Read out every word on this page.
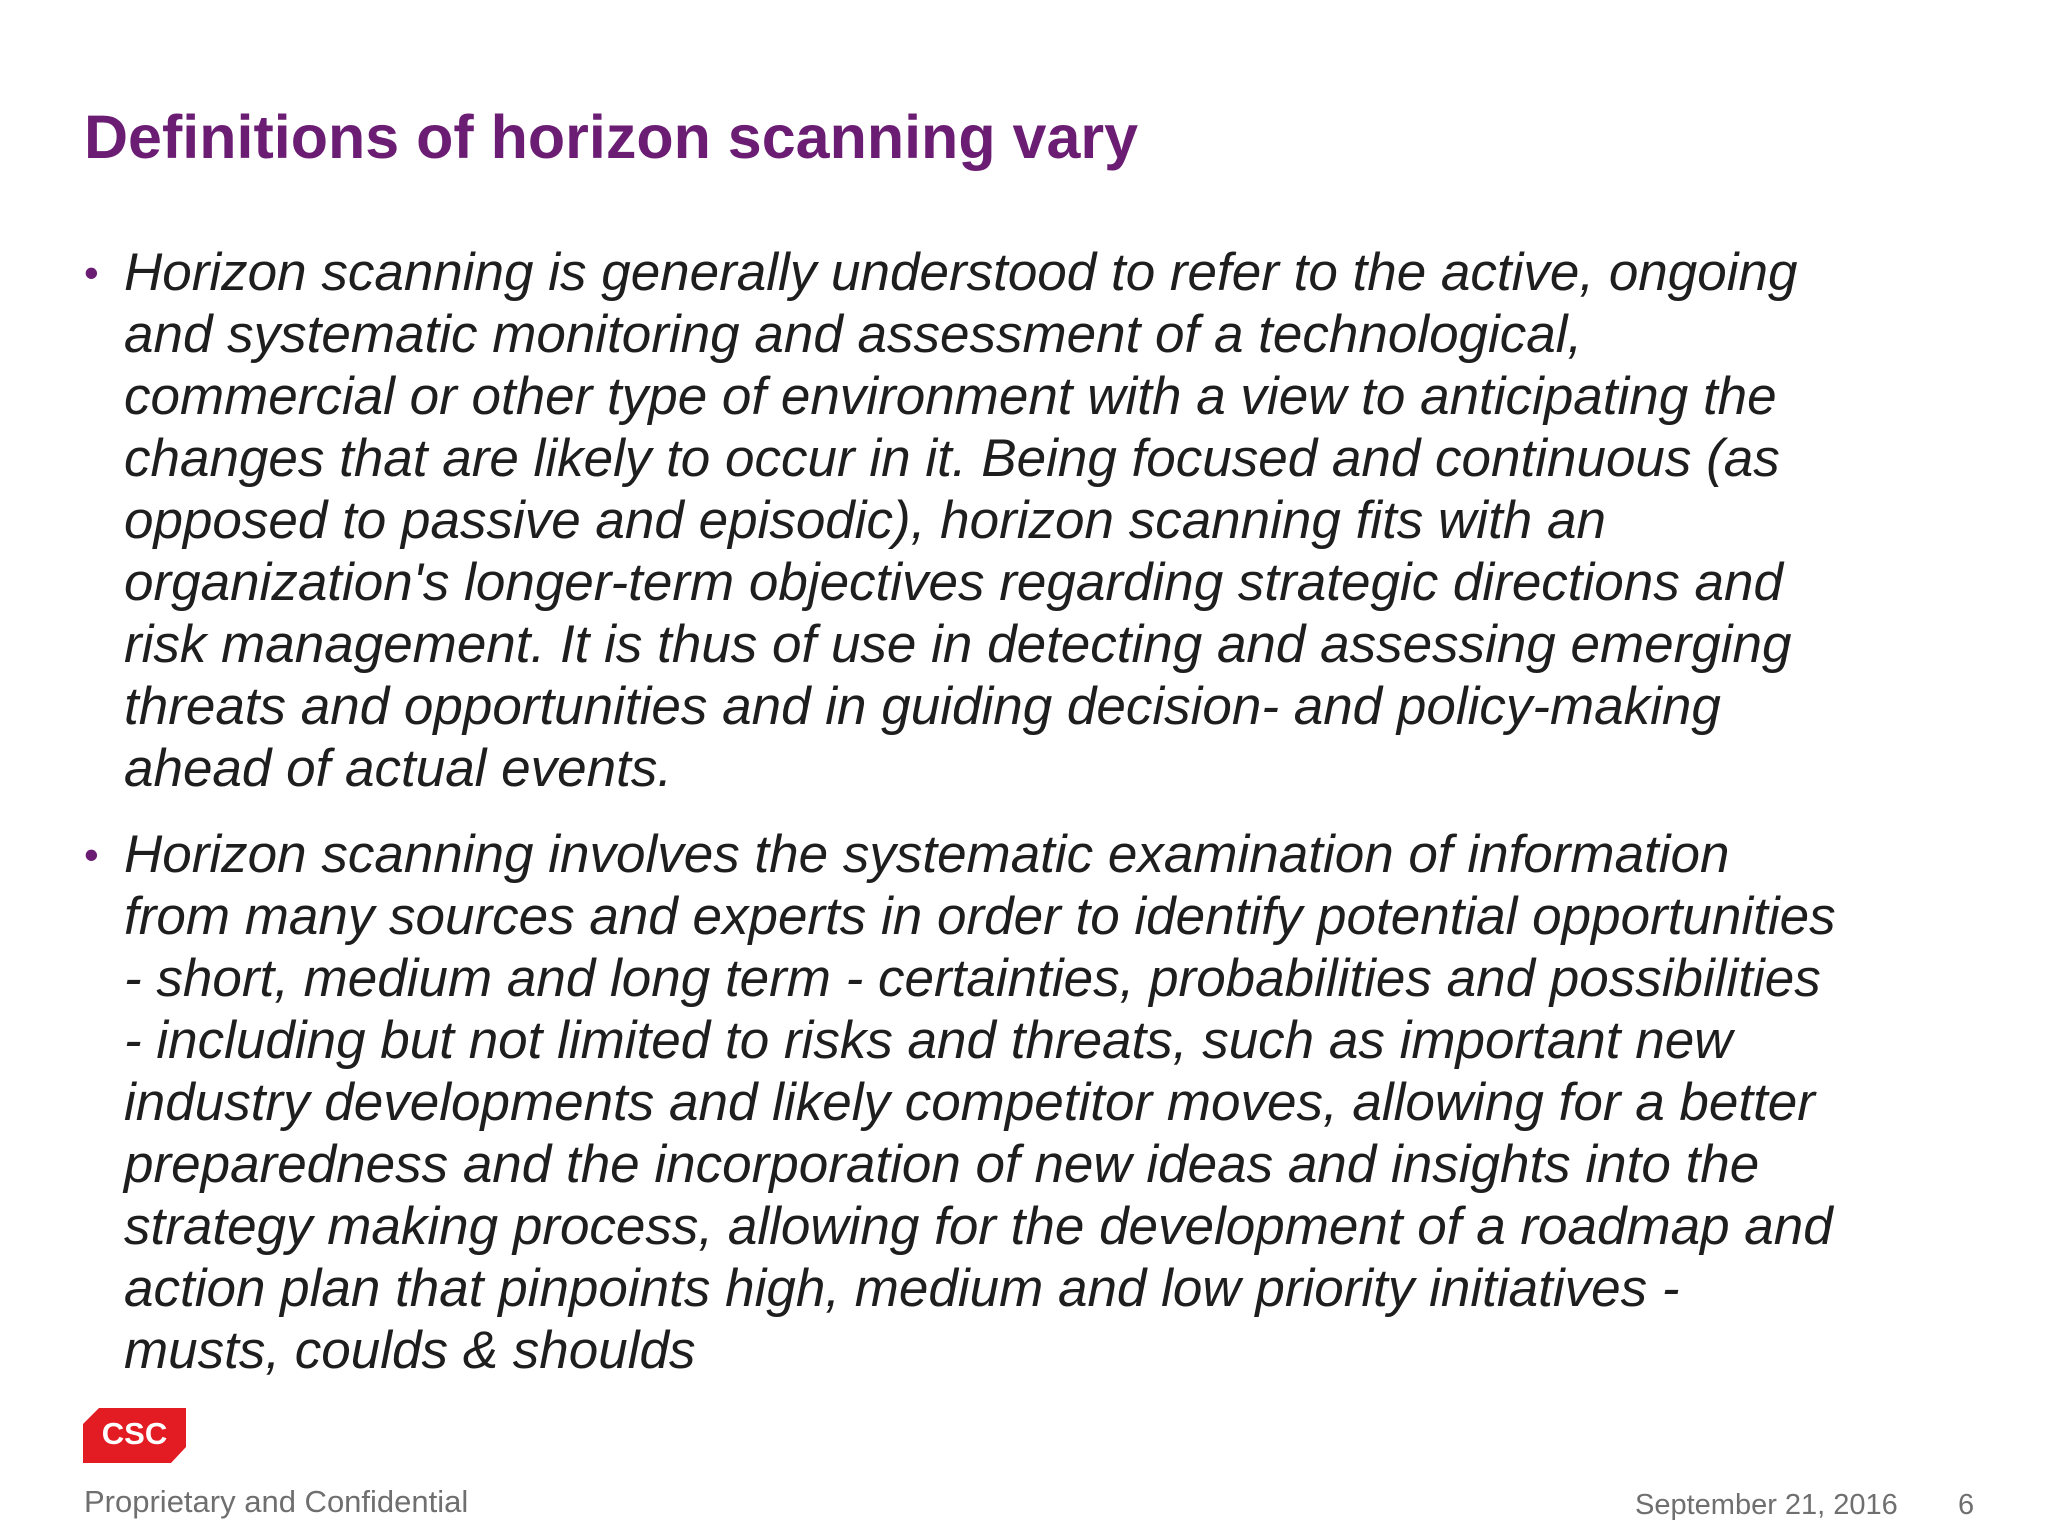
Definitions of horizon scanning vary
• Horizon scanning is generally understood to refer to the active, ongoing
and systematic monitoring and assessment of a technological,
commercial or other type of environment with a view to anticipating the
changes that are likely to occur in it. Being focused and continuous (as
opposed to passive and episodic), horizon scanning fits with an
organization's longer-term objectives regarding strategic directions and
risk management. It is thus of use in detecting and assessing emerging
threats and opportunities and in guiding decision- and policy-making
ahead of actual events.
• Horizon scanning involves the systematic examination of information
from many sources and experts in order to identify potential opportunities
- short, medium and long term - certainties, probabilities and possibilities
- including but not limited to risks and threats, such as important new
industry developments and likely competitor moves, allowing for a better
preparedness and the incorporation of new ideas and insights into the
strategy making process, allowing for the development of a roadmap and
action plan that pinpoints high, medium and low priority initiatives -
musts, coulds & shoulds
CSC
Proprietary and Confidential	September 21, 2016 6
